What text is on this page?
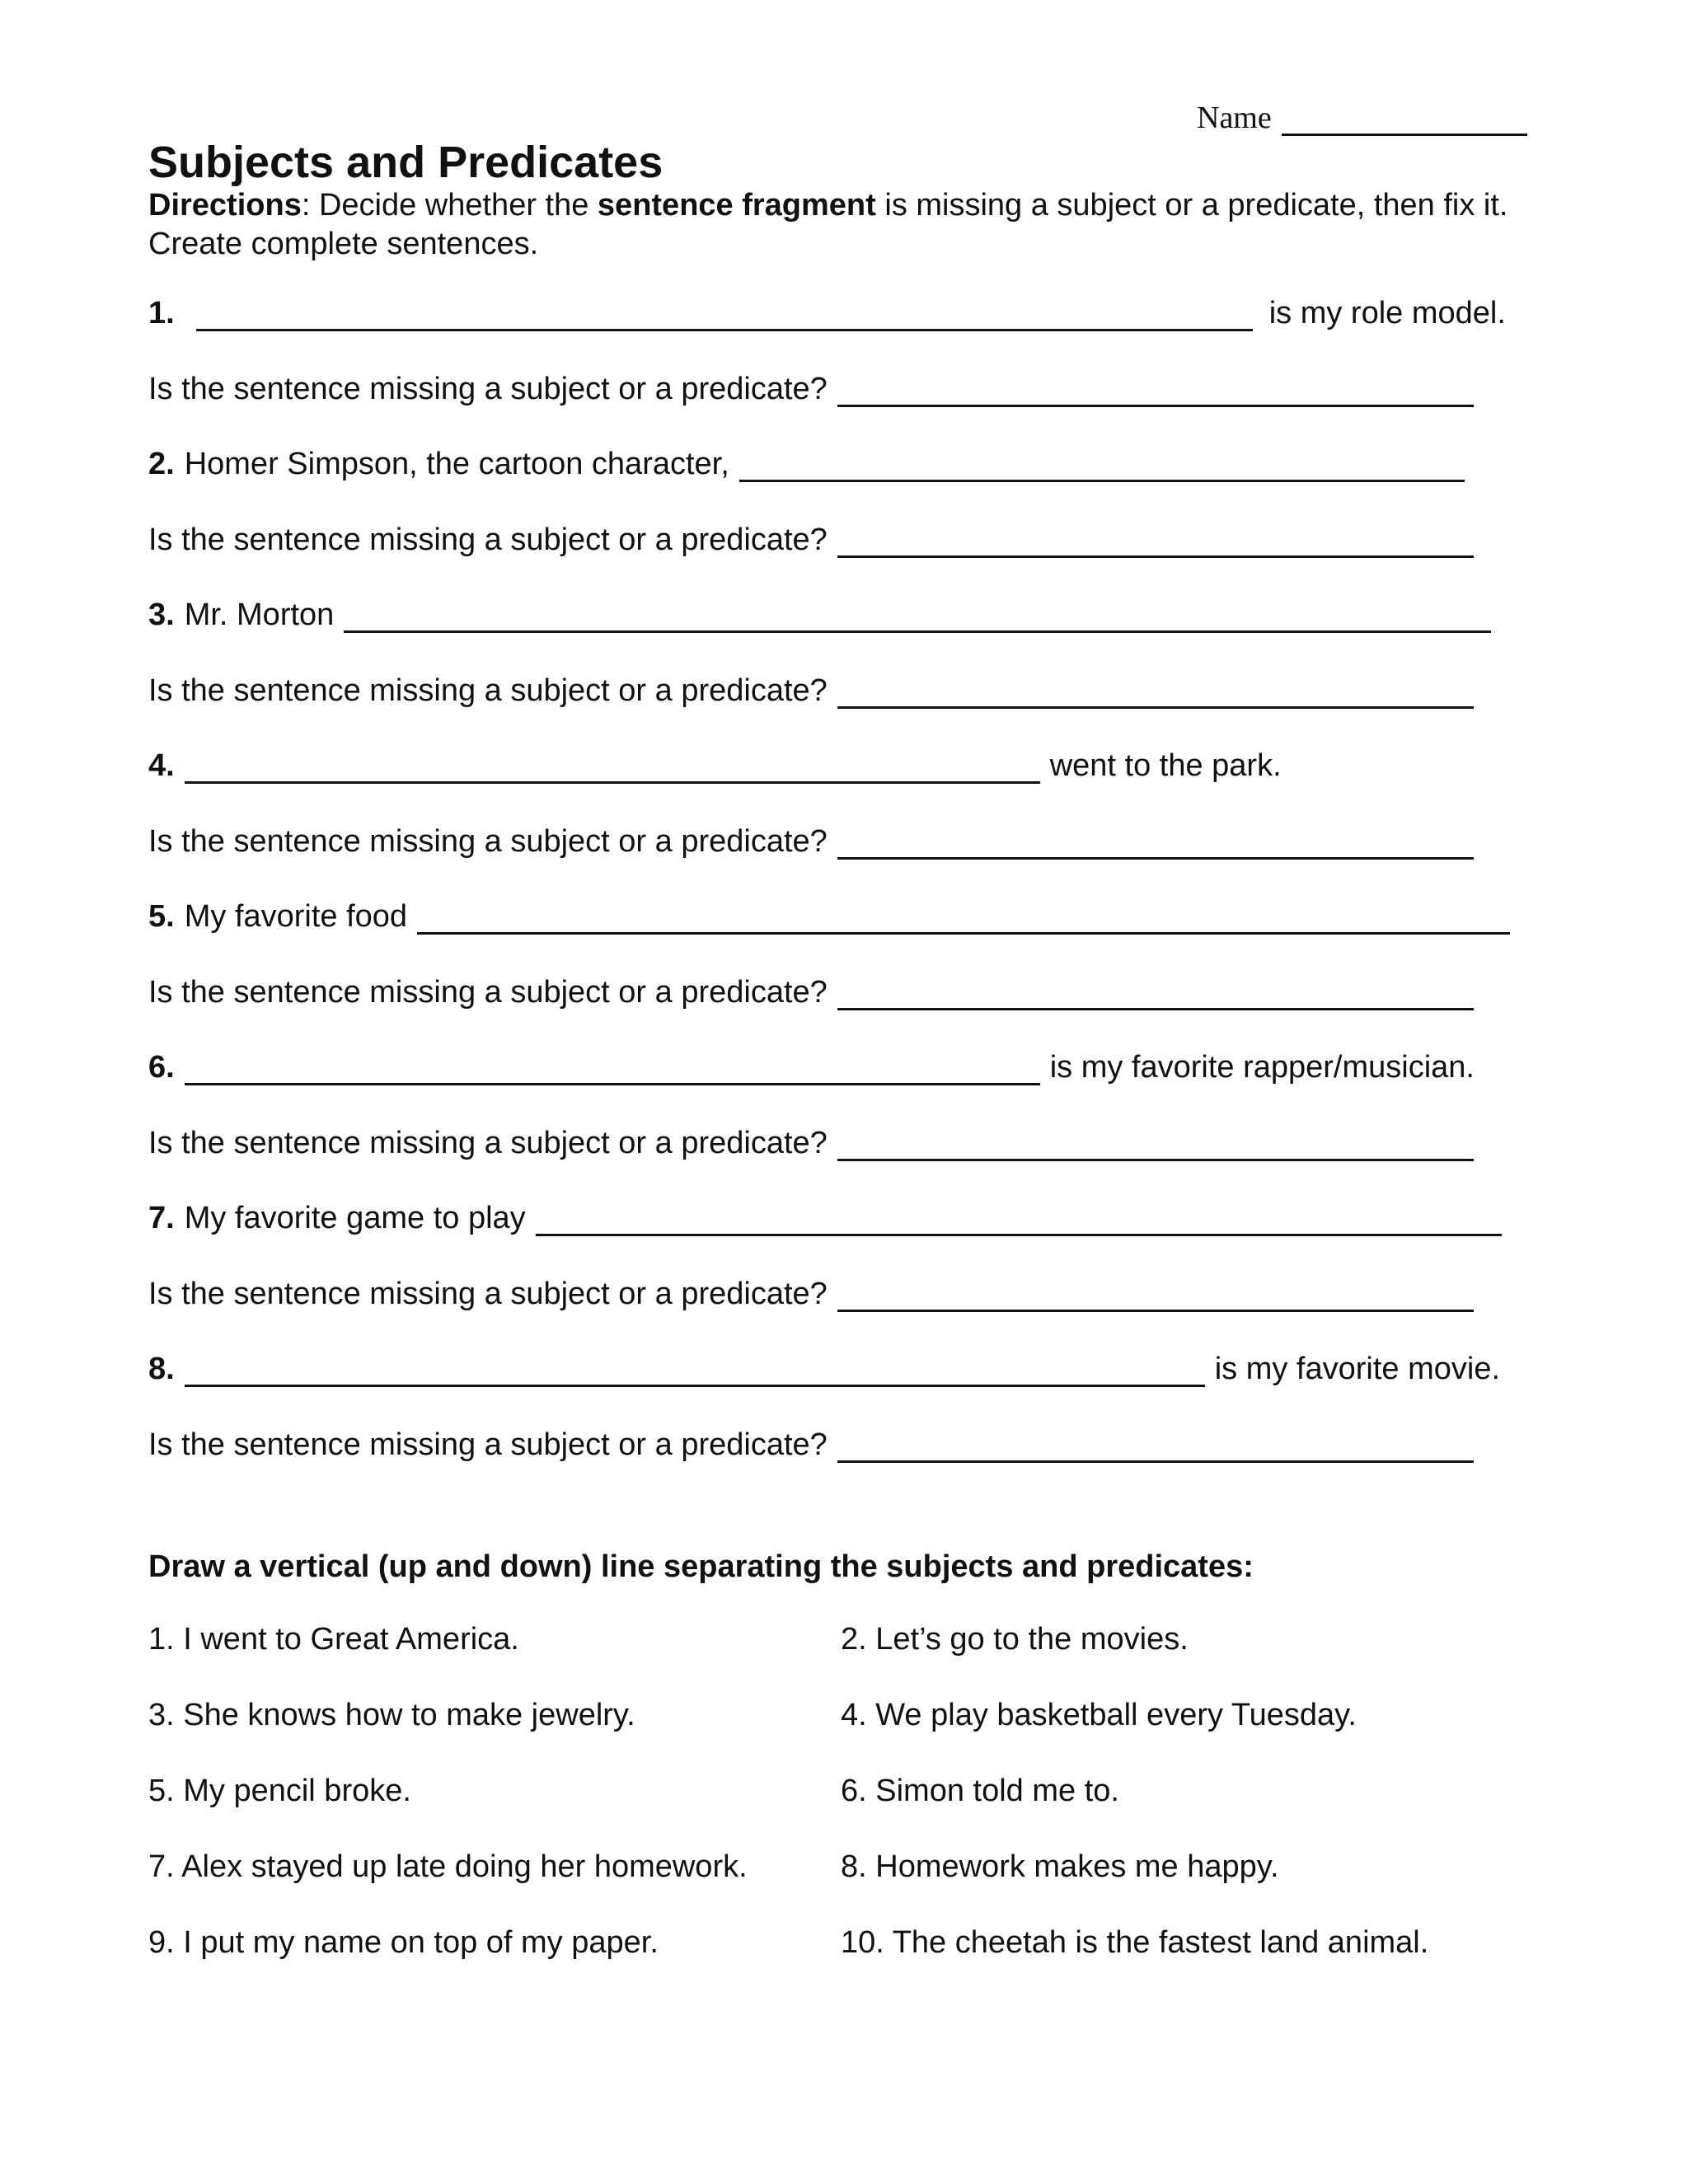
Name
Subjects and Predicates
Directions: Decide whether the sentence fragment is missing a subject or a predicate, then fix it. Create complete sentences.
1.	is my role model.
Is the sentence missing a subject or a predicate?
2. Homer Simpson, the cartoon character,
Is the sentence missing a subject or a predicate?
3. Mr. Morton
Is the sentence missing a subject or a predicate?
4.	went to the park.
Is the sentence missing a subject or a predicate?
5. My favorite food
Is the sentence missing a subject or a predicate?
6.	is my favorite rapper/musician.
Is the sentence missing a subject or a predicate?
7. My favorite game to play
Is the sentence missing a subject or a predicate?
8.	is my favorite movie.
Is the sentence missing a subject or a predicate?
Draw a vertical (up and down) line separating the subjects and predicates:
1. I went to Great America.	2. Let’s go to the movies.
3. She knows how to make jewelry.	4. We play basketball every Tuesday.
5. My pencil broke.	6. Simon told me to.
7. Alex stayed up late doing her homework.	8. Homework makes me happy.
9. I put my name on top of my paper.	10. The cheetah is the fastest land animal.
